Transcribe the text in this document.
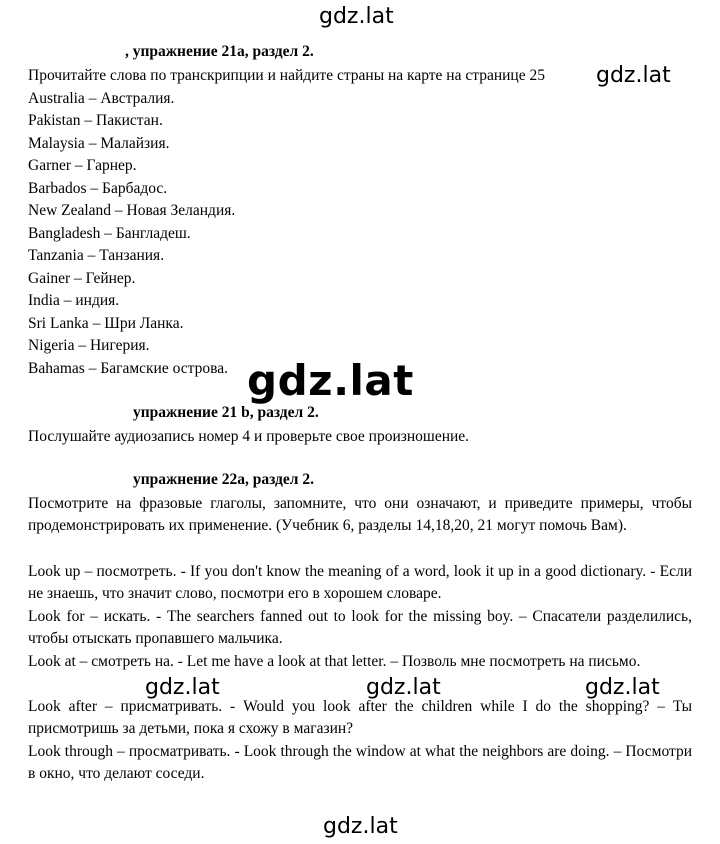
gdz.lat
gdz.lat
gdz.lat
gdz.lat	gdz.lat	gdz.lat
gdz.lat
, упражнение 21a, раздел 2.
Прочитайте слова по транскрипции и найдите страны на карте на странице 25
Australia – Австралия.
Pakistan – Пакистан.
Malaysia – Малайзия.
Garner – Гарнер.
Barbados – Барбадос.
New Zealand – Новая Зеландия.
Bangladesh – Бангладеш.
Tanzania – Танзания.
Gainer – Гейнер.
India – индия.
Sri Lanka – Шри Ланка.
Nigeria – Нигерия.
Bahamas – Багамские острова.
упражнение 21 b, раздел 2.
Послушайте аудиозапись номер 4 и проверьте свое произношение.
упражнение 22a, раздел 2.
Посмотрите на фразовые глаголы, запомните, что они означают, и приведите примеры, чтобы продемонстрировать их применение. (Учебник 6, разделы 14,18,20, 21 могут помочь Вам).
Look up – посмотреть. - If you don't know the meaning of a word, look it up in a good dictionary. - Если не знаешь, что значит слово, посмотри его в хорошем словаре.
Look for – искать. - The searchers fanned out to look for the missing boy. – Спасатели разделились, чтобы отыскать пропавшего мальчика.
Look at – смотреть на. - Let me have a look at that letter. – Позволь мне посмотреть на письмо.
Look after – присматривать. - Would you look after the children while I do the shopping? – Ты присмотришь за детьми, пока я схожу в магазин?
Look through – просматривать. - Look through the window at what the neighbors are doing. – Посмотри в окно, что делают соседи.
